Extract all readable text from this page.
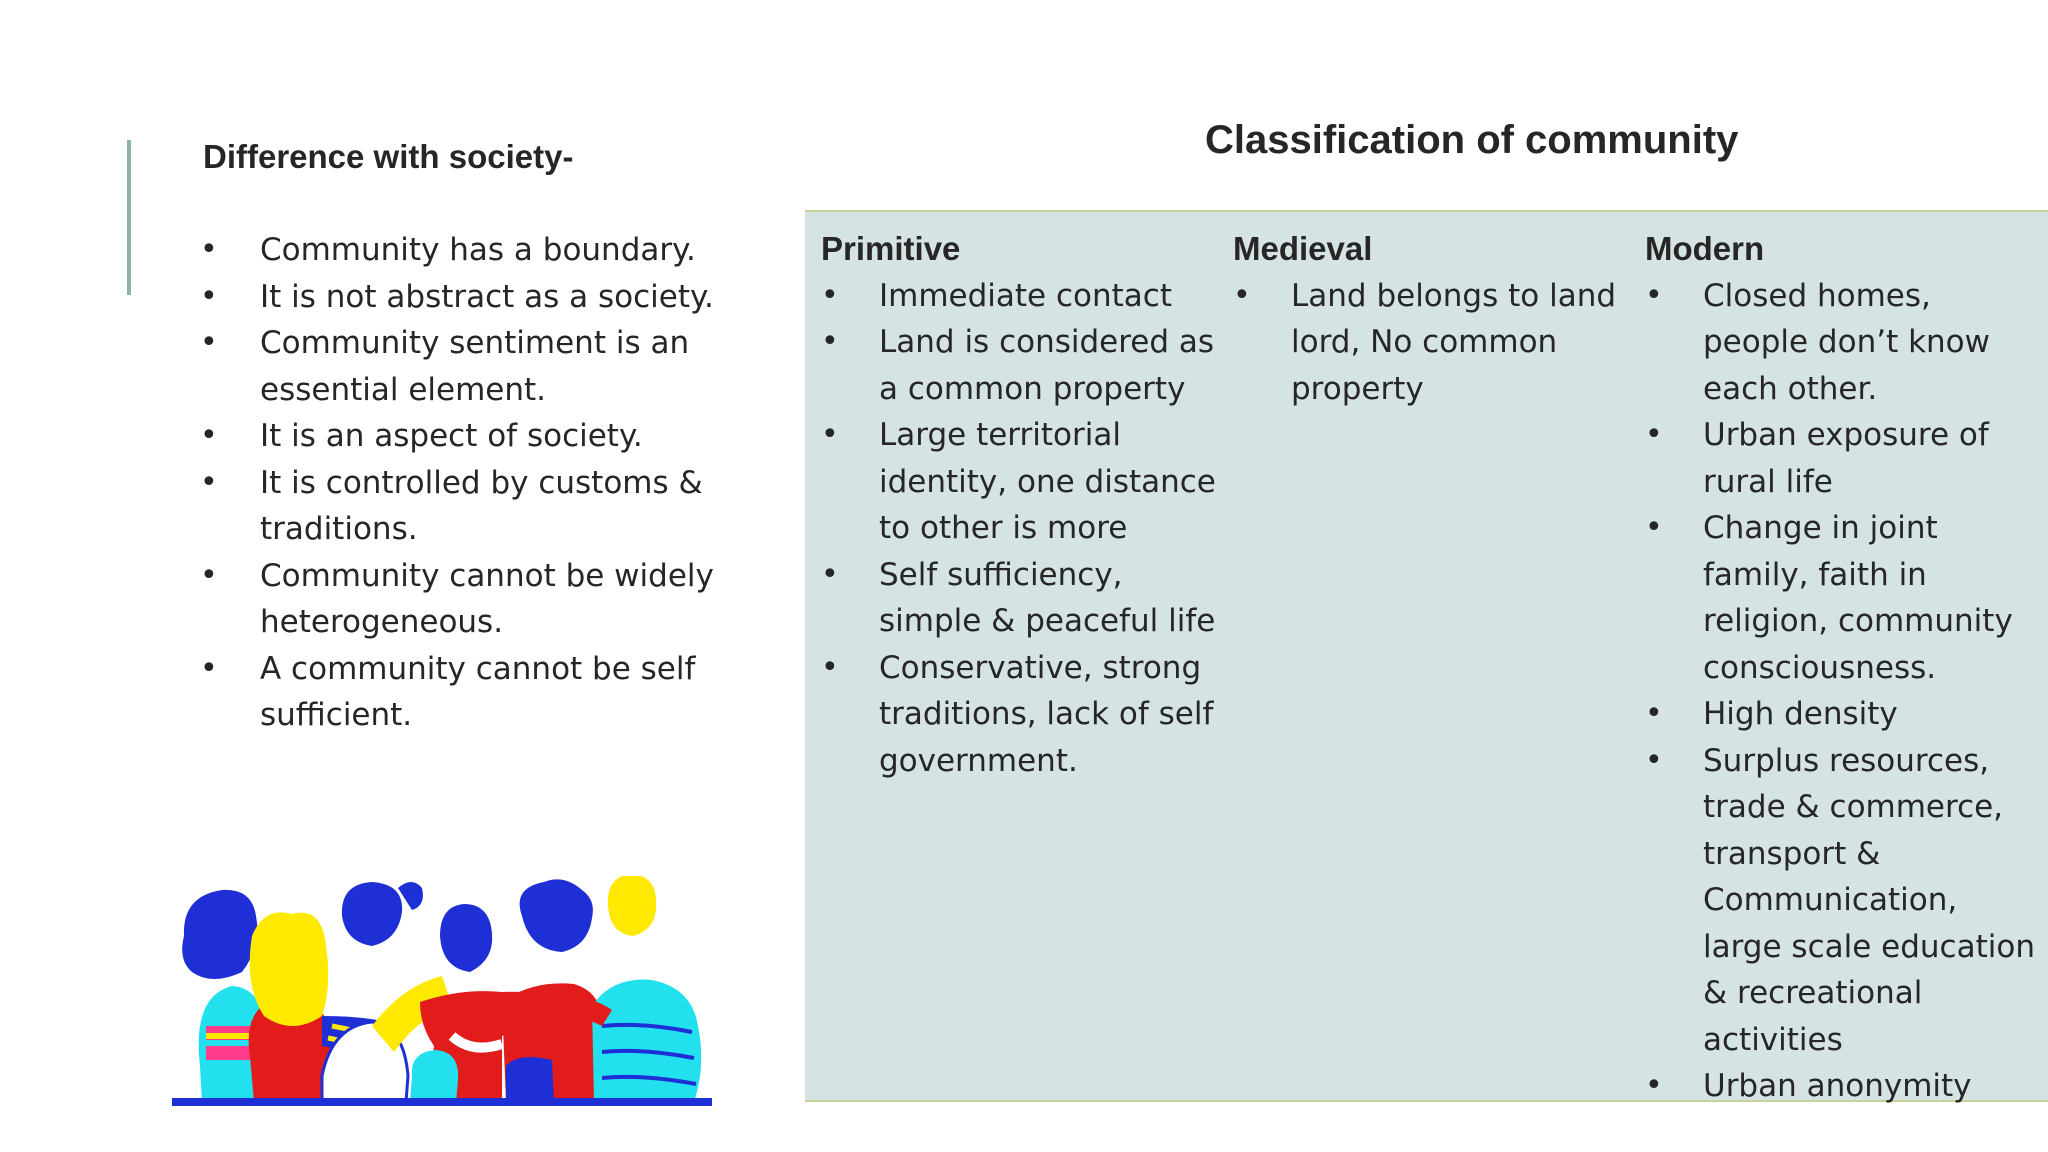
Difference with society-
• Community has a boundary.
• It is not abstract as a society.
• Community sentiment is an essential element.
• It is an aspect of society.
• It is controlled by customs & traditions.
• Community cannot be widely heterogeneous.
• A community cannot be self sufficient.
Classification of community
Primitive
• Immediate contact
• Land is considered as a common property
• Large territorial identity, one distance to other is more
• Self sufficiency, simple & peaceful life
• Conservative, strong traditions, lack of self government.
Medieval
• Land belongs to land lord, No common property
Modern
• Closed homes, people don’t know each other.
• Urban exposure of rural life
• Change in joint family, faith in religion, community consciousness.
• High density
• Surplus resources, trade & commerce, transport & Communication, large scale education & recreational activities
• Urban anonymity
